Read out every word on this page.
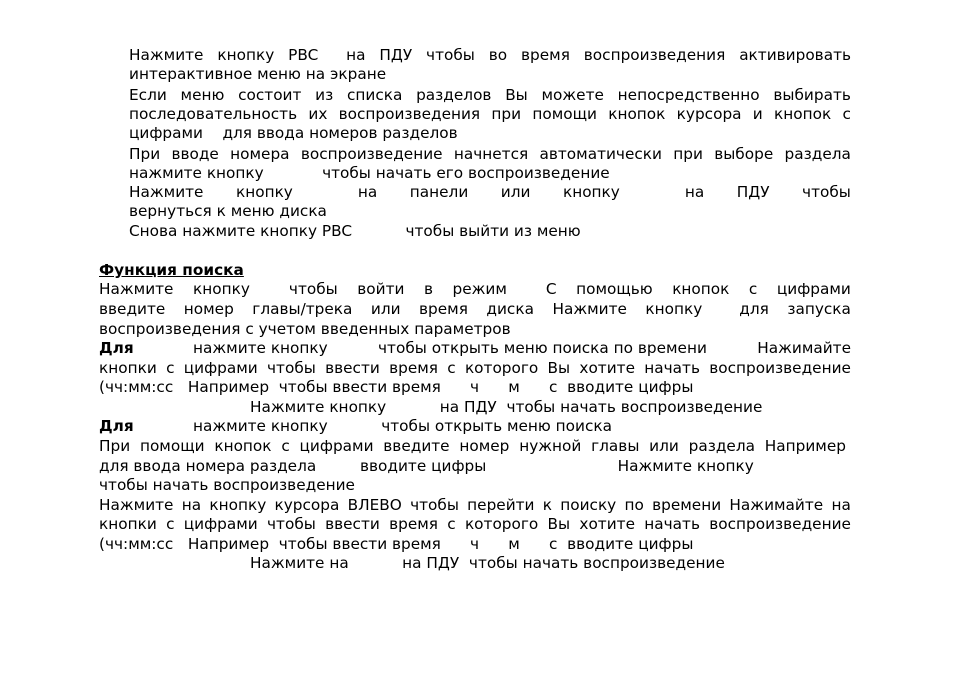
Нажмите кнопку PBC на ПДУ чтобы во время воспроизведения активировать
интерактивное меню на экране
Если меню состоит из списка разделов Вы можете непосредственно выбирать
последовательность их воспроизведения при помощи кнопок курсора и кнопок с
цифрами    для ввода номеров разделов
При вводе номера воспроизведение начнется автоматически при выборе раздела
нажмите кнопку            чтобы начать его воспроизведение
Нажмите кнопку	на панели или кнопку	на ПДУ чтобы
вернуться к меню диска
Снова нажмите кнопку PBC           чтобы выйти из меню
Функция поиска
Нажмите кнопку	чтобы войти в режим	С помощью кнопок с цифрами
введите номер главы/трека или время диска Нажмите кнопку для запуска
воспроизведения с учетом введенных параметров
Для	нажмите кнопку	чтобы открыть меню поиска по времени	Нажимайте
кнопки с цифрами чтобы ввести время с которого Вы хотите начать воспроизведение
(чч:мм:сс   Например  чтобы ввести время      ч      м      с  вводите цифры
Нажмите кнопку           на ПДУ  чтобы начать воспроизведение
Для	нажмите кнопку           чтобы открыть меню поиска
При помощи кнопок с цифрами введите номер нужной главы или раздела Например
для ввода номера раздела         вводите цифры                           Нажмите кнопку
чтобы начать воспроизведение
Нажмите на кнопку курсора ВЛЕВО чтобы перейти к поиску по времени Нажимайте на
кнопки с цифрами чтобы ввести время с которого Вы хотите начать воспроизведение
(чч:мм:сс   Например  чтобы ввести время      ч      м      с  вводите цифры
Нажмите на           на ПДУ  чтобы начать воспроизведение
